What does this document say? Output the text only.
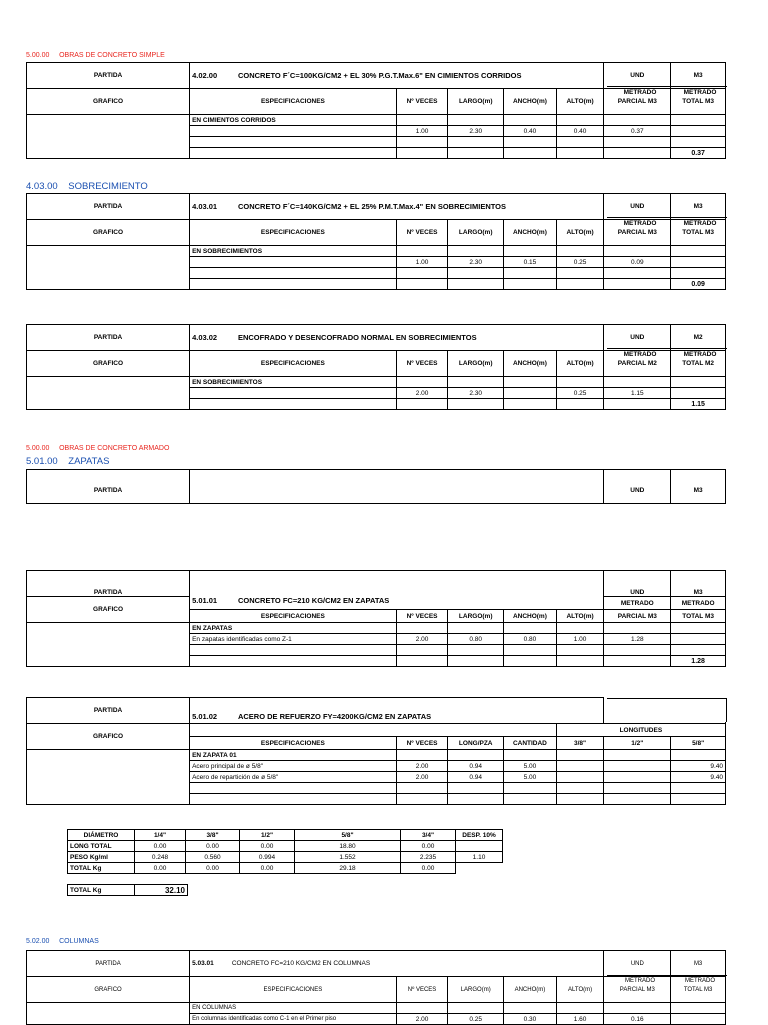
5.00.00 OBRAS DE CONCRETO SIMPLE
PARTIDA	4.02.00 CONCRETO F´C=100KG/CM2 + EL 30% P.G.T.Max.6" EN CIMIENTOS CORRIDOS					UND	M3
GRAFICO							
	ESPECIFICACIONES	Nº VECES	LARGO(m)	ANCHO(m)	ALTO(m)	PARCIAL M3	TOTAL M3
	EN CIMIENTOS CORRIDOS						
		1.00	2.30	0.40	0.40	0.37	

							0.37
4.03.00 SOBRECIMIENTO
PARTIDA	4.03.01 CONCRETO F´C=140KG/CM2 + EL 25% P.M.T.Max.4" EN SOBRECIMIENTOS					UND	M3
GRAFICO							
	ESPECIFICACIONES	Nº VECES	LARGO(m)	ANCHO(m)	ALTO(m)	PARCIAL M3	TOTAL M3
	EN SOBRECIMIENTOS						
		1.00	2.30	0.15	0.25	0.09	

							0.09
PARTIDA	4.03.02 ENCOFRADO Y DESENCOFRADO NORMAL EN SOBRECIMIENTOS					UND	M2
GRAFICO							
	ESPECIFICACIONES	Nº VECES	LARGO(m)	ANCHO(m)	ALTO(m)	PARCIAL M2	TOTAL M2
	EN SOBRECIMIENTOS						
		2.00	2.30		0.25	1.15	
							1.15
5.00.00 OBRAS DE CONCRETO ARMADO
5.01.00 ZAPATAS
PARTIDA		UND	M3
PARTIDA	5.01.01 CONCRETO FC=210 KG/CM2 EN ZAPATAS					UND	M3
GRAFICO						METRADO	METRADO
	ESPECIFICACIONES	Nº VECES	LARGO(m)	ANCHO(m)	ALTO(m)	PARCIAL M3	TOTAL M3
	EN ZAPATAS						
	En zapatas identificadas como Z-1	2.00	0.80	0.80	1.00	1.28	

							1.28
METRADO	METRADO
METRADO	METRADO
METRADO	METRADO
PARTIDA	5.01.02 ACERO DE REFUERZO FY=4200KG/CM2 EN ZAPATAS						
GRAFICO					LONGITUDES		
	ESPECIFICACIONES	Nº VECES	LONG/PZA	CANTIDAD	3/8"	1/2"	5/8"
	EN ZAPATA 01						
	Acero principal de ø 5/8"	2.00	0.94	5.00			9.40
	Acero de repartición de ø 5/8"	2.00	0.94	5.00			9.40

DIÁMETRO	1/4"	3/8"	1/2"	5/8"	3/4"	DESP. 10%
LONG TOTAL	0.00	0.00	0.00	18.80	0.00	
PESO Kg/ml	0.248	0.560	0.994	1.552	2.235	1.10
TOTAL Kg	0.00	0.00	0.00	29.18	0.00	
TOTAL Kg	32.10
5.02.00 COLUMNAS
PARTIDA	5.03.01 CONCRETO FC=210 KG/CM2 EN COLUMNAS					UND	M3
GRAFICO							
	ESPECIFICACIONES	Nº VECES	LARGO(m)	ANCHO(m)	ALTO(m)	PARCIAL M3	TOTAL M3
	EN COLUMNAS						
	En columnas identificadas como C-1 en el Primer piso	2.00	0.25	0.30	1.60	0.16	
METRADO	METRADO
